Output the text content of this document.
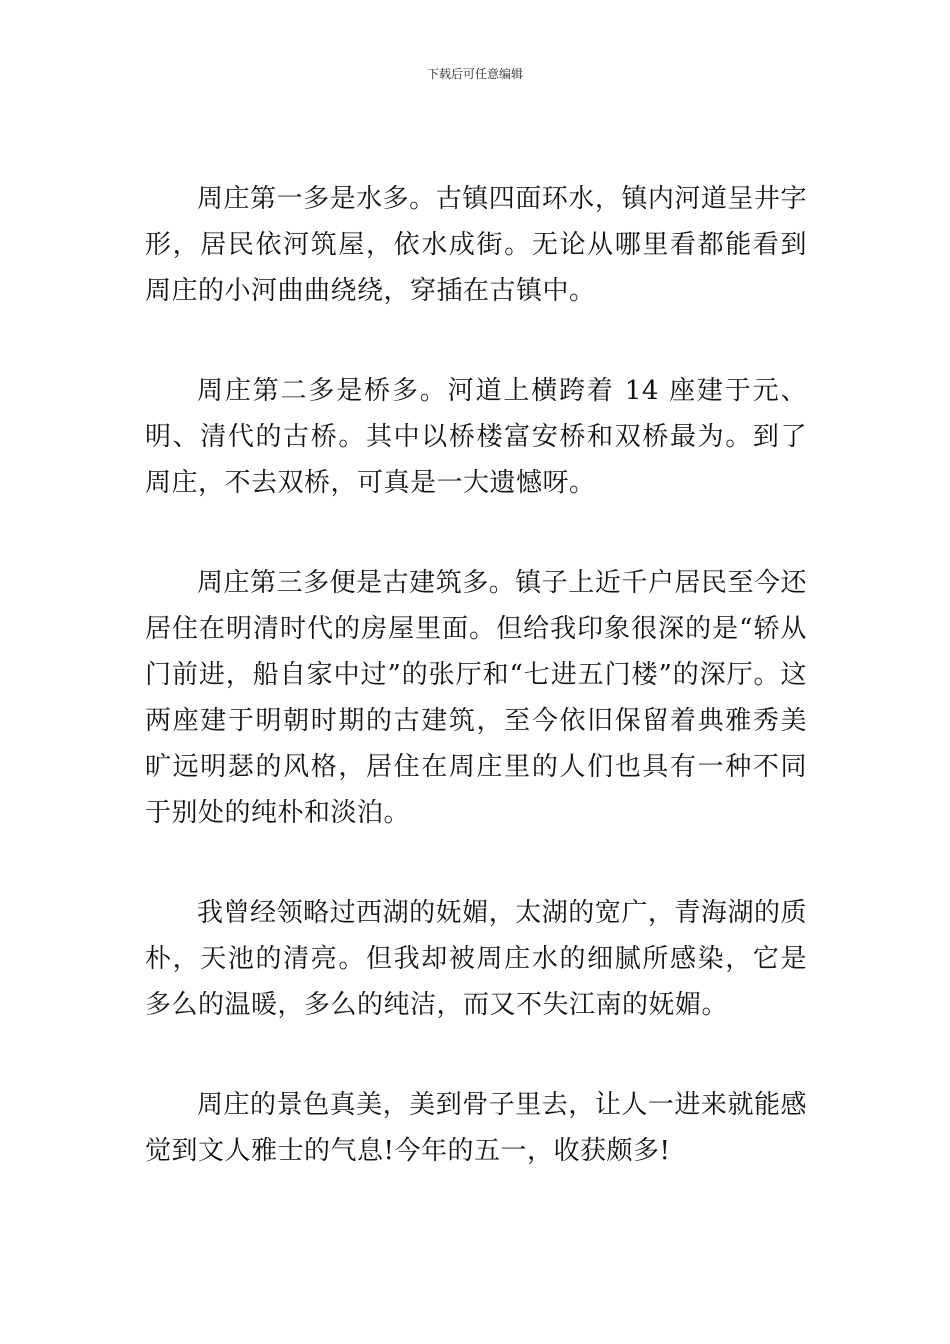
下载后可任意编辑

周庄第一多是水多。古镇四面环水，镇内河道呈井字形，居民依河筑屋，依水成街。无论从哪里看都能看到周庄的小河曲曲绕绕，穿插在古镇中。

周庄第二多是桥多。河道上横跨着 14 座建于元、明、清代的古桥。其中以桥楼富安桥和双桥最为。到了周庄，不去双桥，可真是一大遗憾呀。

周庄第三多便是古建筑多。镇子上近千户居民至今还居住在明清时代的房屋里面。但给我印象很深的是“轿从门前进，船自家中过”的张厅和“七进五门楼”的深厅。这两座建于明朝时期的古建筑，至今依旧保留着典雅秀美旷远明瑟的风格，居住在周庄里的人们也具有一种不同于别处的纯朴和淡泊。

我曾经领略过西湖的妩媚，太湖的宽广，青海湖的质朴，天池的清亮。但我却被周庄水的细腻所感染，它是多么的温暖，多么的纯洁，而又不失江南的妩媚。

周庄的景色真美，美到骨子里去，让人一进来就能感觉到文人雅士的气息!今年的五一，收获颇多!
